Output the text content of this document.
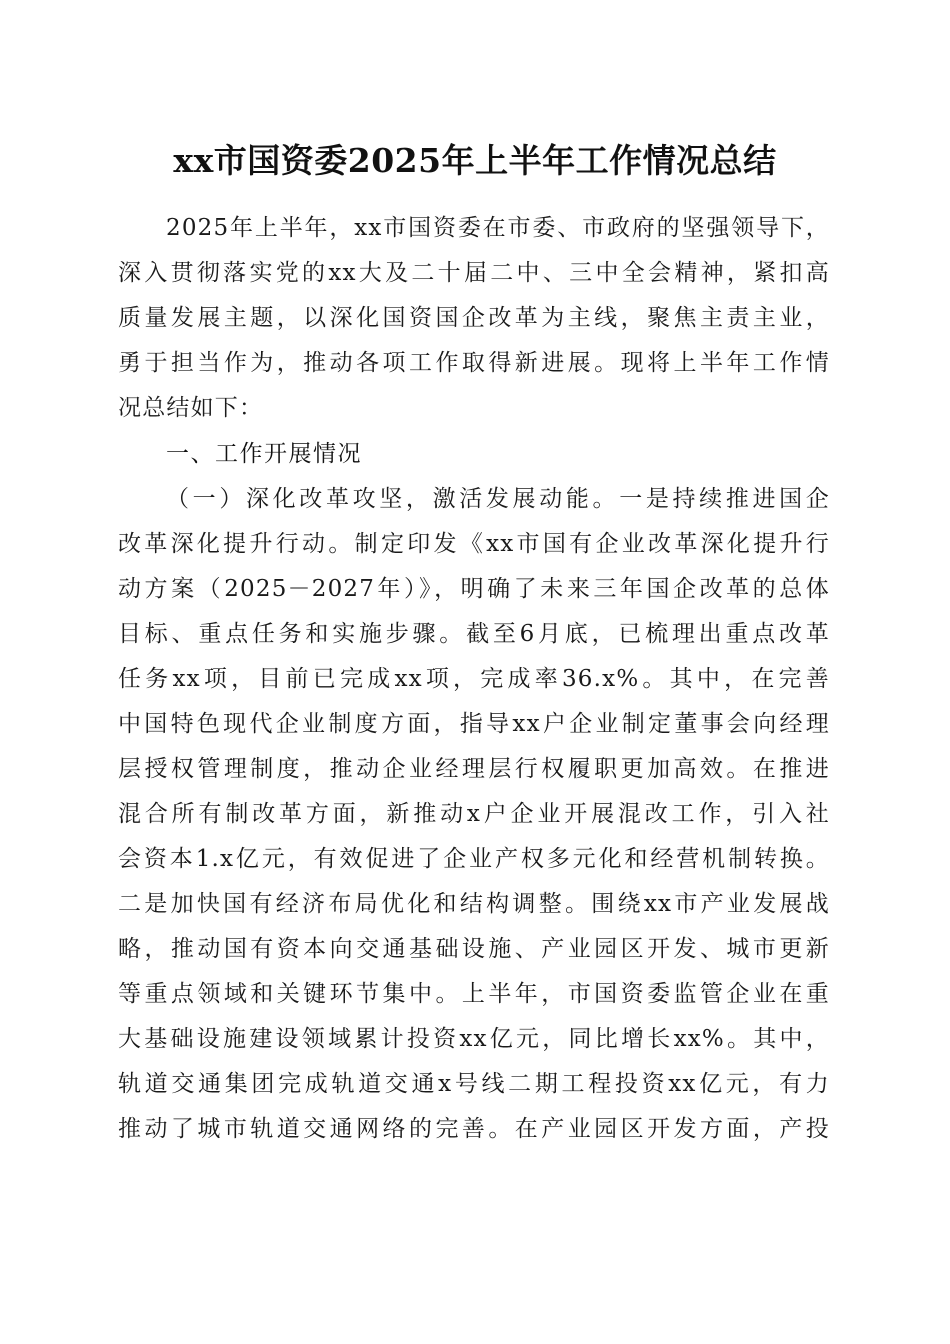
xx市国资委2025年上半年工作情况总结
2025年上半年，xx市国资委在市委、市政府的坚强领导下，
深入贯彻落实党的xx大及二十届二中、三中全会精神，紧扣高
质量发展主题，以深化国资国企改革为主线，聚焦主责主业，
勇于担当作为，推动各项工作取得新进展。现将上半年工作情
况总结如下：
一、工作开展情况
（一）深化改革攻坚，激活发展动能。一是持续推进国企
改革深化提升行动。制定印发《xx市国有企业改革深化提升行
动方案（2025－2027年）》，明确了未来三年国企改革的总体
目标、重点任务和实施步骤。截至6月底，已梳理出重点改革
任务xx项，目前已完成xx项，完成率36.x%。其中，在完善
中国特色现代企业制度方面，指导xx户企业制定董事会向经理
层授权管理制度，推动企业经理层行权履职更加高效。在推进
混合所有制改革方面，新推动x户企业开展混改工作，引入社
会资本1.x亿元，有效促进了企业产权多元化和经营机制转换。
二是加快国有经济布局优化和结构调整。围绕xx市产业发展战
略，推动国有资本向交通基础设施、产业园区开发、城市更新
等重点领域和关键环节集中。上半年，市国资委监管企业在重
大基础设施建设领域累计投资xx亿元，同比增长xx%。其中，
轨道交通集团完成轨道交通x号线二期工程投资xx亿元，有力
推动了城市轨道交通网络的完善。在产业园区开发方面，产投
